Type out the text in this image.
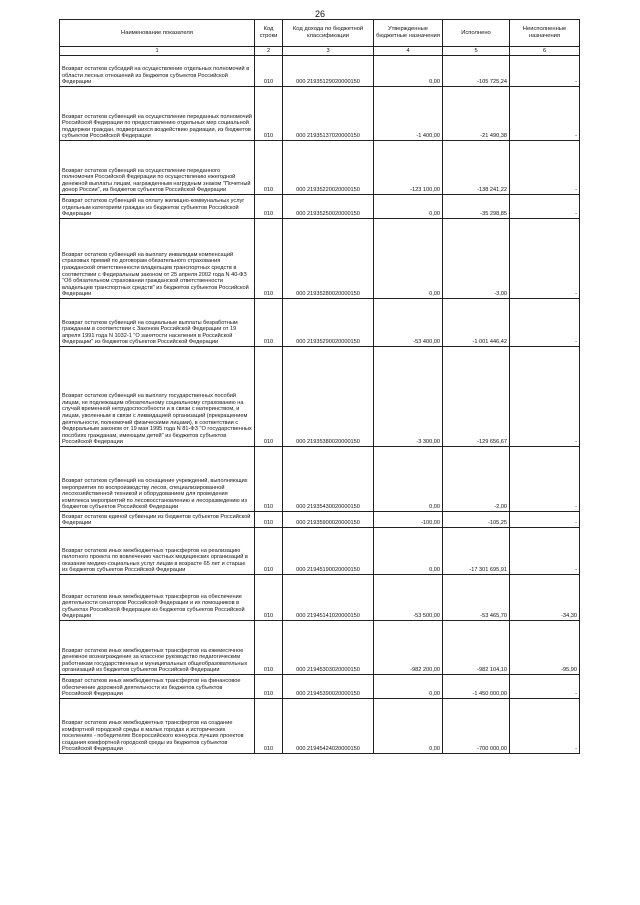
26
Наименование показателя	Код строки	Код дохода по бюджетной классификации	Утвержденные бюджетные назначения	Исполнено	Неисполненные назначения
1	2	3	4	5	6
Возврат остатков субсидий на осуществление отдельных полномочий в области лесных отношений из бюджетов субъектов Российской Федерации	010	000 21935129020000150	0,00	-105 725,24	-
Возврат остатков субвенций на осуществление переданных полномочий Российской Федерации по предоставлению отдельных мер социальной поддержки граждан, подвергшихся воздействию радиации, из бюджетов субъектов Российской Федерации	010	000 21935137020000150	-1 400,00	-21 490,38	-
Возврат остатков субвенций на осуществление переданного полномочия Российской Федерации по осуществлению ежегодной денежной выплаты лицам, награжденным нагрудным знаком "Почетный донор России", из бюджетов субъектов Российской Федерации	010	000 21935220020000150	-123 100,00	-138 241,22	-
Возврат остатков субвенций на оплату жилищно-коммунальных услуг отдельным категориям граждан из бюджетов субъектов Российской Федерации	010	000 21935250020000150	0,00	-35 298,85	-
Возврат остатков субвенций на выплату инвалидам компенсаций страховых премий по договорам обязательного страхования гражданской ответственности владельцев транспортных средств в соответствии с Федеральным законом от 25 апреля 2002 года N 40-ФЗ "Об обязательном страховании гражданской ответственности владельцев транспортных средств" из бюджетов субъектов Российской Федерации	010	000 21935280020000150	0,00	-3,00	-
Возврат остатков субвенций на социальные выплаты безработным гражданам в соответствии с Законом Российской Федерации от 19 апреля 1991 года N 1032-1 "О занятости населения в Российской Федерации" из бюджетов субъектов Российской Федерации	010	000 21935290020000150	-53 400,00	-1 001 446,42	-
Возврат остатков субвенций на выплату государственных пособий лицам, не подлежащим обязательному социальному страхованию на случай временной нетрудоспособности и в связи с материнством, и лицам, уволенным в связи с ликвидацией организаций (прекращением деятельности, полномочий физическими лицами), в соответствии с Федеральным законом от 19 мая 1995 года N 81-ФЗ "О государственных пособиях гражданам, имеющим детей" из бюджетов субъектов Российской Федерации	010	000 21935380020000150	-3 300,00	-129 656,67	-
Возврат остатков субвенций на оснащение учреждений, выполняющих мероприятия по воспроизводству лесов, специализированной лесохозяйственной техникой и оборудованием для проведения комплекса мероприятий по лесовосстановлению и лесоразведению из бюджетов субъектов Российской Федерации	010	000 21935430020000150	0,00	-2,00	-
Возврат остатков единой субвенции из бюджетов субъектов Российской Федерации	010	000 21935900020000150	-100,00	-105,25	-
Возврат остатков иных межбюджетных трансфертов на реализацию пилотного проекта по вовлечению частных медицинских организаций в оказание медико-социальных услуг лицам в возрасте 65 лет и старше из бюджетов субъектов Российской Федерации	010	000 21945190020000150	0,00	-17 301 695,91	-
Возврат остатков иных межбюджетных трансфертов на обеспечение деятельности сенаторов Российской Федерации и их помощников в субъектах Российской Федерации из бюджетов субъектов Российской Федерации	010	000 21945141020000150	-53 500,00	-53 465,70	-34,30
Возврат остатков иных межбюджетных трансфертов на ежемесячное денежное вознаграждение за классное руководство педагогическим работникам государственных и муниципальных общеобразовательных организаций из бюджетов субъектов Российской Федерации	010	000 21945303020000150	-982 200,00	-982 104,10	-95,90
Возврат остатков иных межбюджетных трансфертов на финансовое обеспечение дорожной деятельности из бюджетов субъектов Российской Федерации	010	000 21945390020000150	0,00	-1 450 000,00	-
Возврат остатков иных межбюджетных трансфертов на создание комфортной городской среды в малых городах и исторических поселениях - победителях Всероссийского конкурса лучших проектов создания комфортной городской среды из бюджетов субъектов Российской Федерации	010	000 21945424020000150	0,00	-700 000,00	-
